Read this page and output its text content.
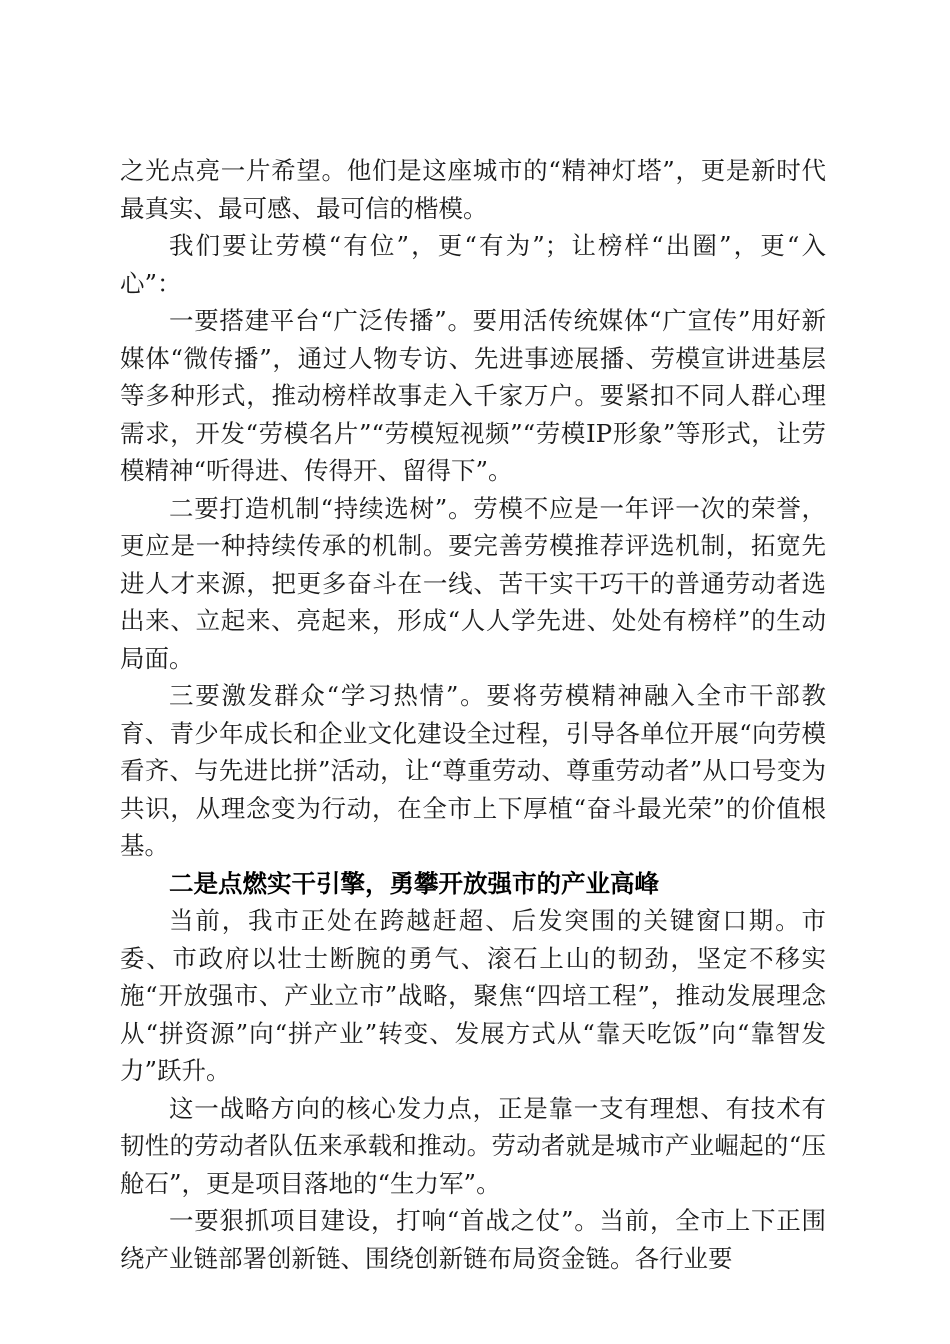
之光点亮一片希望。他们是这座城市的“精神灯塔”，更是新时代最真实、最可感、最可信的楷模。

我们要让劳模“有位”，更“有为”；让榜样“出圈”，更“入心”：

一要搭建平台“广泛传播”。要用活传统媒体“广宣传”用好新媒体“微传播”，通过人物专访、先进事迹展播、劳模宣讲进基层等多种形式，推动榜样故事走入千家万户。要紧扣不同人群心理需求，开发“劳模名片”“劳模短视频”“劳模IP形象”等形式，让劳模精神“听得进、传得开、留得下”。

二要打造机制“持续选树”。劳模不应是一年评一次的荣誉，更应是一种持续传承的机制。要完善劳模推荐评选机制，拓宽先进人才来源，把更多奋斗在一线、苦干实干巧干的普通劳动者选出来、立起来、亮起来，形成“人人学先进、处处有榜样”的生动局面。

三要激发群众“学习热情”。要将劳模精神融入全市干部教育、青少年成长和企业文化建设全过程，引导各单位开展“向劳模看齐、与先进比拼”活动，让“尊重劳动、尊重劳动者”从口号变为共识，从理念变为行动，在全市上下厚植“奋斗最光荣”的价值根基。

二是点燃实干引擎，勇攀开放强市的产业高峰

当前，我市正处在跨越赶超、后发突围的关键窗口期。市委、市政府以壮士断腕的勇气、滚石上山的韧劲，坚定不移实施“开放强市、产业立市”战略，聚焦“四培工程”，推动发展理念从“拼资源”向“拼产业”转变、发展方式从“靠天吃饭”向“靠智发力”跃升。

这一战略方向的核心发力点，正是靠一支有理想、有技术有韧性的劳动者队伍来承载和推动。劳动者就是城市产业崛起的“压舱石”，更是项目落地的“生力军”。

一要狠抓项目建设，打响“首战之仗”。当前，全市上下正围绕产业链部署创新链、围绕创新链布局资金链。各行业要
